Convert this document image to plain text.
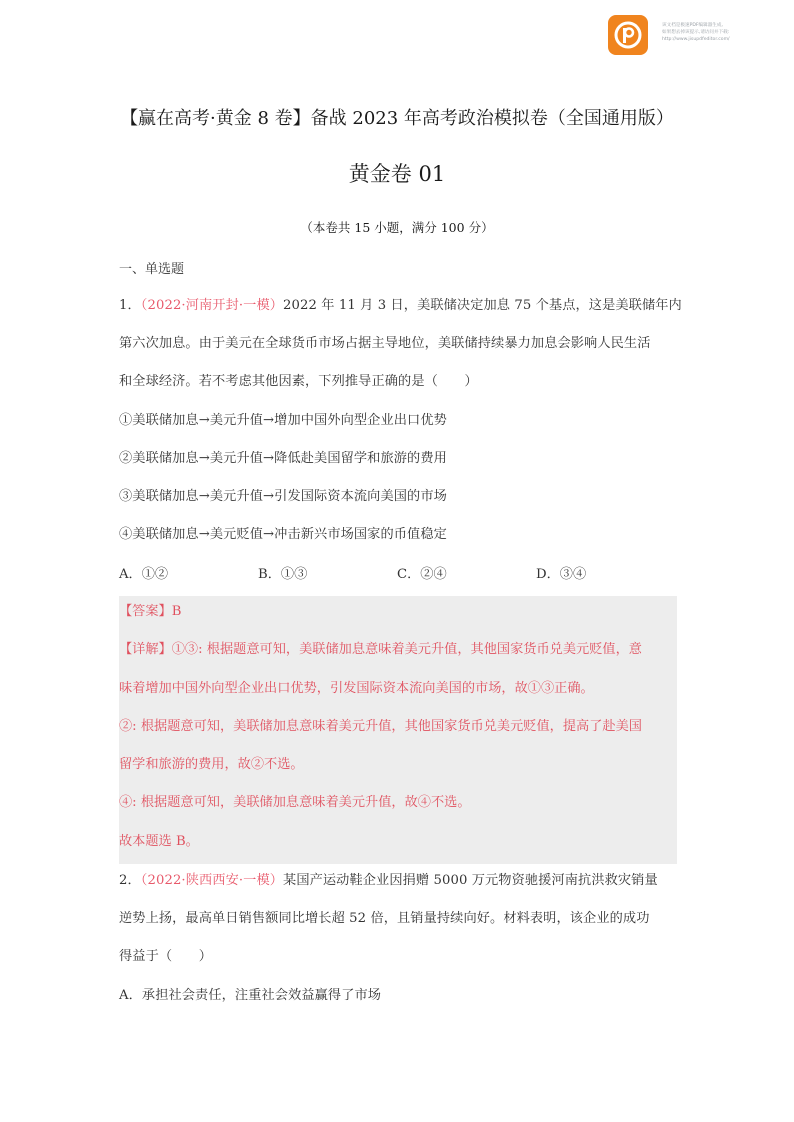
该文档是极速PDF编辑器生成,
如果想去掉该提示,请访问并下载:
http://www.jisupdfeditor.com/
【赢在高考·黄金 8 卷】备战 2023 年高考政治模拟卷（全国通用版）
黄金卷 01
（本卷共 15 小题，满分 100 分）
一、单选题
1．（2022·河南开封·一模）2022 年 11 月 3 日，美联储决定加息 75 个基点，这是美联储年内
第六次加息。由于美元在全球货币市场占据主导地位，美联储持续暴力加息会影响人民生活
和全球经济。若不考虑其他因素，下列推导正确的是（　　）
①美联储加息→美元升值→增加中国外向型企业出口优势
②美联储加息→美元升值→降低赴美国留学和旅游的费用
③美联储加息→美元升值→引发国际资本流向美国的市场
④美联储加息→美元贬值→冲击新兴市场国家的币值稳定
A．①②	B．①③	C．②④	D．③④
【答案】B
【详解】①③: 根据题意可知，美联储加息意味着美元升值，其他国家货币兑美元贬值，意
味着增加中国外向型企业出口优势，引发国际资本流向美国的市场，故①③正确。
②: 根据题意可知，美联储加息意味着美元升值，其他国家货币兑美元贬值，提高了赴美国
留学和旅游的费用，故②不选。
④: 根据题意可知，美联储加息意味着美元升值，故④不选。
故本题选 B。
2．（2022·陕西西安·一模）某国产运动鞋企业因捐赠 5000 万元物资驰援河南抗洪救灾销量
逆势上扬，最高单日销售额同比增长超 52 倍，且销量持续向好。材料表明，该企业的成功
得益于（　　）
A．承担社会责任，注重社会效益赢得了市场
